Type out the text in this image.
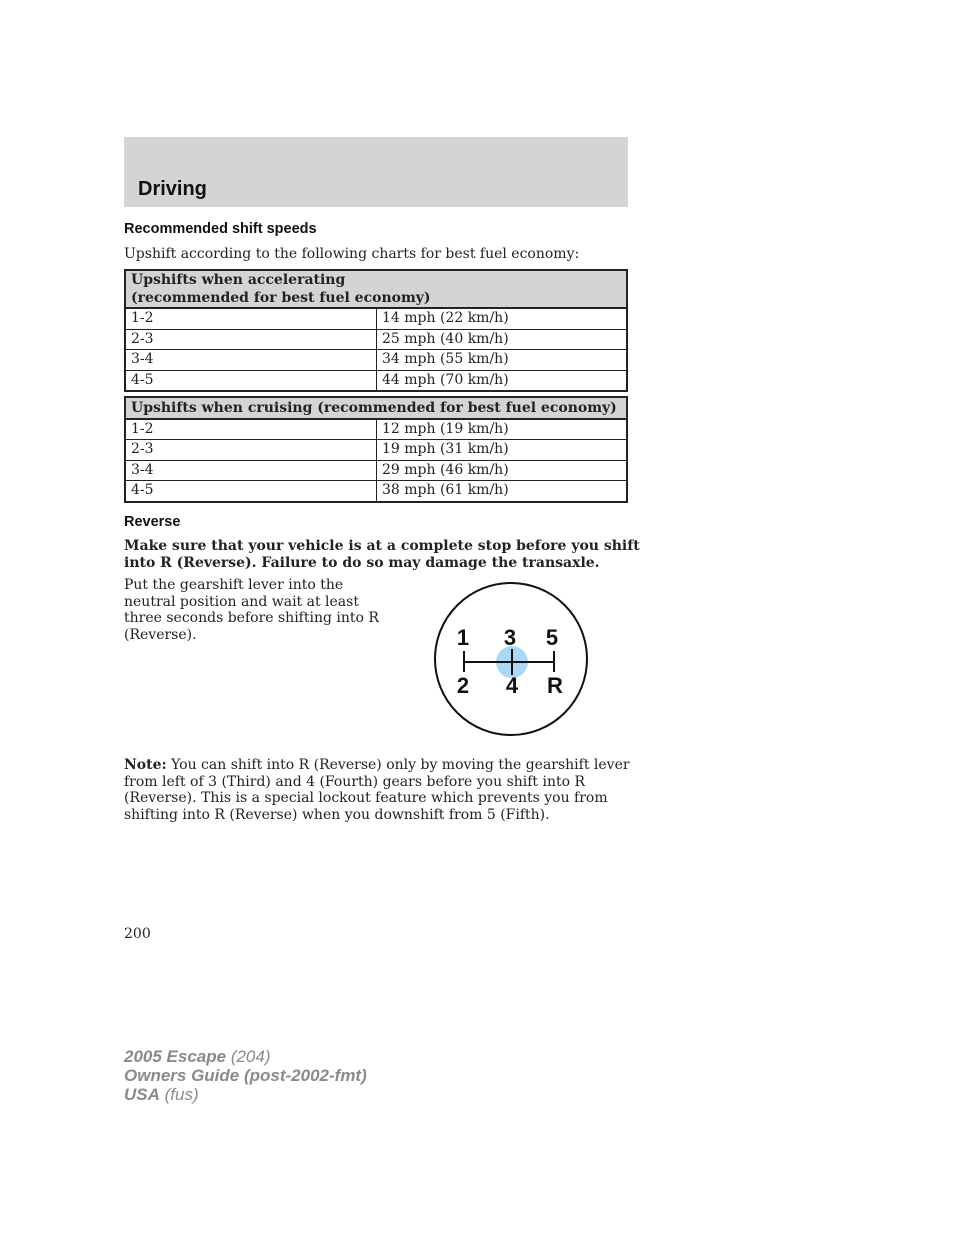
Driving
Recommended shift speeds
Upshift according to the following charts for best fuel economy:
Upshifts when accelerating
(recommended for best fuel economy)	

1-2	14 mph (22 km/h)
2-3	25 mph (40 km/h)
3-4	34 mph (55 km/h)
4-5	44 mph (70 km/h)
Upshifts when cruising (recommended for best fuel economy)	
1-2	12 mph (19 km/h)
2-3	19 mph (31 km/h)
3-4	29 mph (46 km/h)
4-5	38 mph (61 km/h)
Reverse
Make sure that your vehicle is at a complete stop before you shift
into R (Reverse). Failure to do so may damage the transaxle.
Put the gearshift lever into the
neutral position and wait at least
three seconds before shifting into R
(Reverse).	1 3 5
2 4 R
Note: You can shift into R (Reverse) only by moving the gearshift lever
from left of 3 (Third) and 4 (Fourth) gears before you shift into R
(Reverse). This is a special lockout feature which prevents you from
shifting into R (Reverse) when you downshift from 5 (Fifth).
200
2005 Escape (204)
Owners Guide (post-2002-fmt)
USA (fus)
